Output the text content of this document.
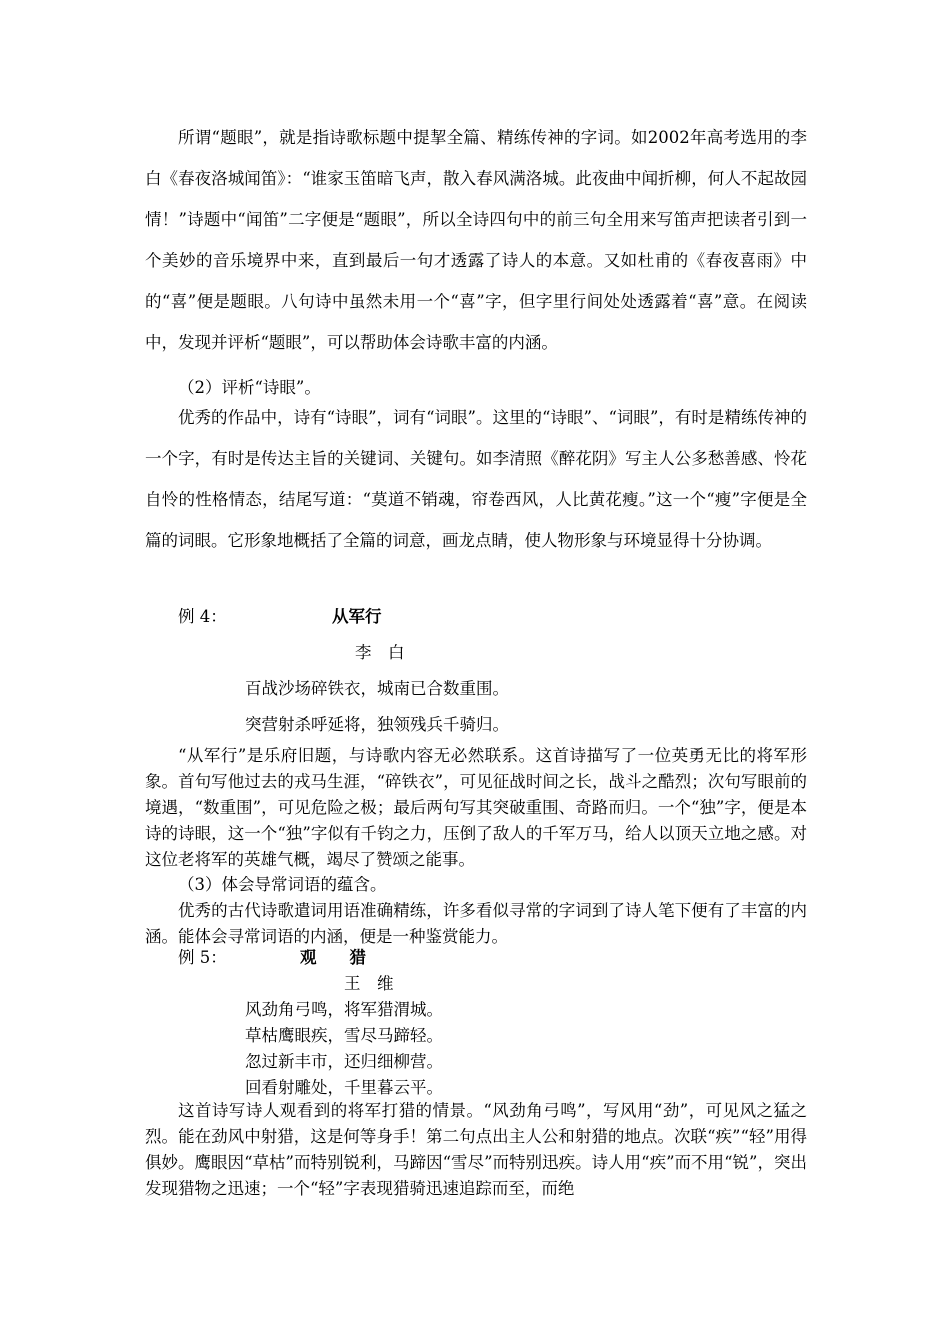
所谓“题眼”，就是指诗歌标题中提挈全篇、精练传神的字词。如2002年高考选用的李白《春夜洛城闻笛》：“谁家玉笛暗飞声，散入春风满洛城。此夜曲中闻折柳，何人不起故园情！”诗题中“闻笛”二字便是“题眼”，所以全诗四句中的前三句全用来写笛声把读者引到一个美妙的音乐境界中来，直到最后一句才透露了诗人的本意。又如杜甫的《春夜喜雨》中的“喜”便是题眼。八句诗中虽然未用一个“喜”字，但字里行间处处透露着“喜”意。在阅读中，发现并评析“题眼”，可以帮助体会诗歌丰富的内涵。
（2）评析“诗眼”。
优秀的作品中，诗有“诗眼”，词有“词眼”。这里的“诗眼”、“词眼”，有时是精练传神的一个字，有时是传达主旨的关键词、关键句。如李清照《醉花阴》写主人公多愁善感、怜花自怜的性格情态，结尾写道：“莫道不销魂，帘卷西风，人比黄花瘦。”这一个“瘦”字便是全篇的词眼。它形象地概括了全篇的词意，画龙点睛，使人物形象与环境显得十分协调。
例 4：	从军行
李　白
百战沙场碎铁衣，城南已合数重围。
突营射杀呼延将，独领残兵千骑归。
“从军行”是乐府旧题，与诗歌内容无必然联系。这首诗描写了一位英勇无比的将军形象。首句写他过去的戎马生涯，“碎铁衣”，可见征战时间之长，战斗之酷烈；次句写眼前的境遇，“数重围”，可见危险之极；最后两句写其突破重围、奇路而归。一个“独”字，便是本诗的诗眼，这一个“独”字似有千钧之力，压倒了敌人的千军万马，给人以顶天立地之感。对这位老将军的英雄气概，竭尽了赞颂之能事。
（3）体会导常词语的蕴含。
优秀的古代诗歌遣词用语准确精练，许多看似寻常的字词到了诗人笔下便有了丰富的内涵。能体会寻常词语的内涵，便是一种鉴赏能力。
例 5：	观　　猎
王　维
风劲角弓鸣，将军猎渭城。
草枯鹰眼疾，雪尽马蹄轻。
忽过新丰市，还归细柳营。
回看射雕处，千里暮云平。
这首诗写诗人观看到的将军打猎的情景。“风劲角弓鸣”，写风用“劲”，可见风之猛之烈。能在劲风中射猎，这是何等身手！第二句点出主人公和射猎的地点。次联“疾”“轻”用得俱妙。鹰眼因“草枯”而特别锐利，马蹄因“雪尽”而特别迅疾。诗人用“疾”而不用“锐”，突出发现猎物之迅速；一个“轻”字表现猎骑迅速追踪而至，而绝
